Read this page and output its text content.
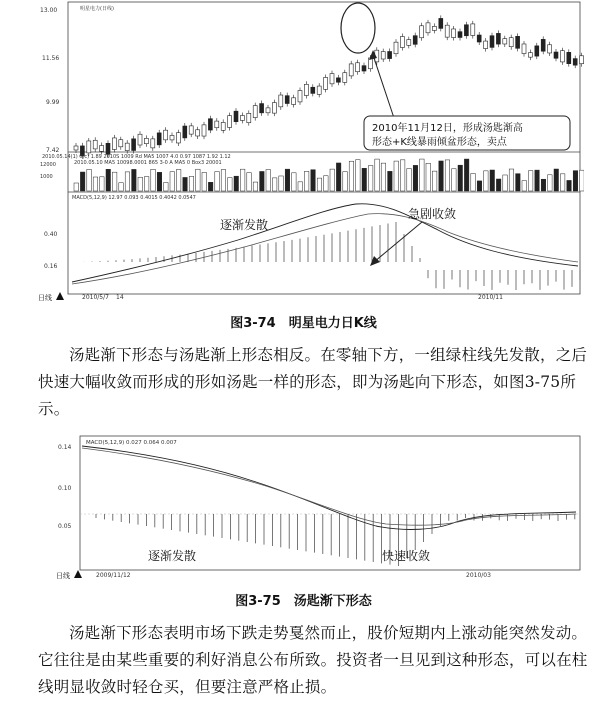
13.00
11.56
9.99
7.42
明星电力(日线)
2010年11月12日，形成汤匙渐高
形态+K线暴雨倾盆形态，卖点
2010.05.14(1) 0(c) 1.89 2010S 1009 Rd MA5 1007 4.0 0.97 1087 1.92 1.12
12000
1000
2010.05.10 MA5 10098.0001 865 3-0 A MA5 0 Box3 20001
MACD(5,12,9) 12.97 0.093 0.4015 0.4042 0.0547
0.40
0.16
逐渐发散
急剧收敛
日线	2010/5/7 14	2010/11
图3-74　明星电力日K线
汤匙渐下形态与汤匙渐上形态相反。在零轴下方，一组绿柱线先发散，之后快速大幅收敛而形成的形如汤匙一样的形态，即为汤匙向下形态，如图3-75所示。
MACD(5,12,9) 0.027 0.064 0.007
0.14
0.10
0.05
逐渐发散	快速收敛
日线	2009/11/12	2010/03
图3-75　汤匙渐下形态
汤匙渐下形态表明市场下跌走势戛然而止，股价短期内上涨动能突然发动。它往往是由某些重要的利好消息公布所致。投资者一旦见到这种形态，可以在柱线明显收敛时轻仓买，但要注意严格止损。
